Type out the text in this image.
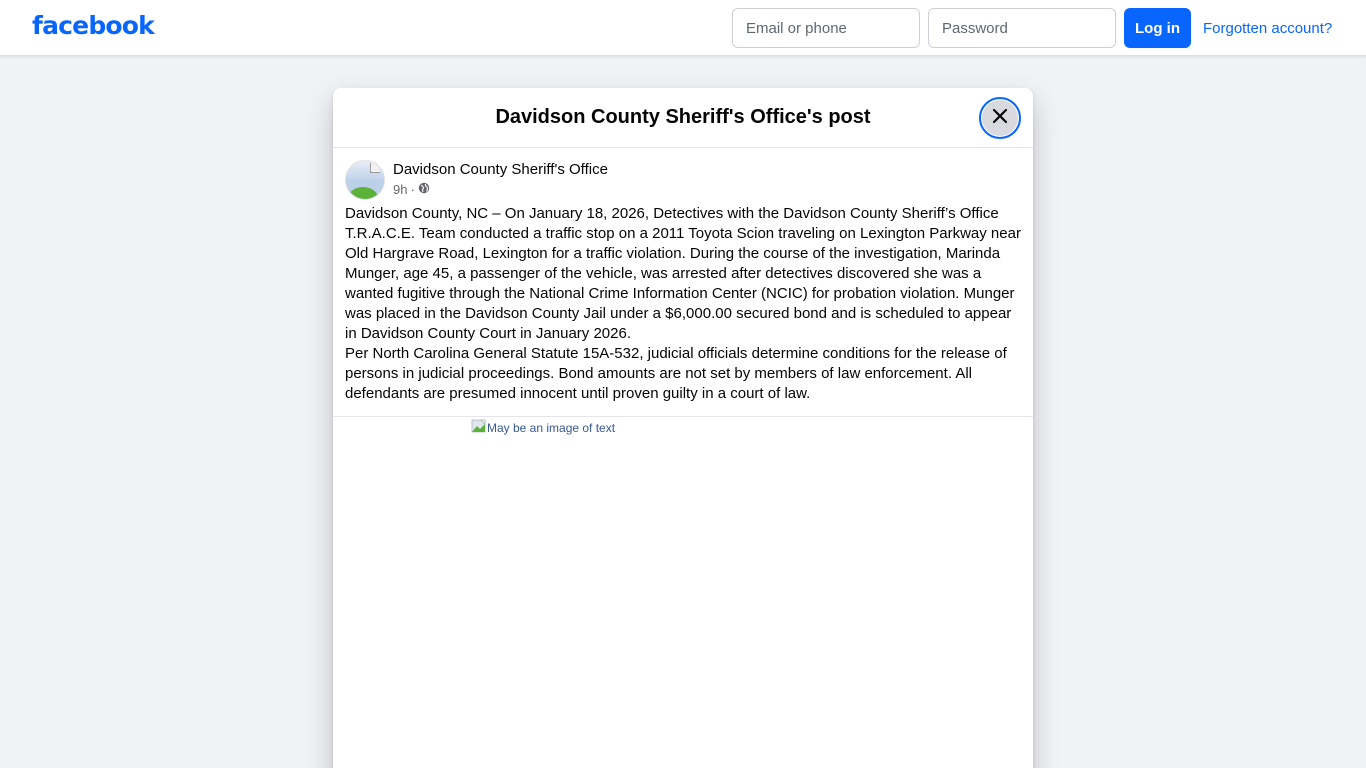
facebook
Email or phone	Log in	Forgotten account?
Davidson County Sheriff's Office's post
Davidson County Sheriff's Office
9h ·

Davidson County, NC – On January 18, 2026, Detectives with the Davidson County Sheriff’s Office T.R.A.C.E. Team conducted a traffic stop on a 2011 Toyota Scion traveling on Lexington Parkway near Old Hargrave Road, Lexington for a traffic violation. During the course of the investigation, Marinda Munger, age 45, a passenger of the vehicle, was arrested after detectives discovered she was a wanted fugitive through the National Crime Information Center (NCIC) for probation violation. Munger was placed in the Davidson County Jail under a $6,000.00 secured bond and is scheduled to appear in Davidson County Court in January 2026.

Per North Carolina General Statute 15A-532, judicial officials determine conditions for the release of persons in judicial proceedings. Bond amounts are not set by members of law enforcement. All defendants are presumed innocent until proven guilty in a court of law.

May be an image of text
